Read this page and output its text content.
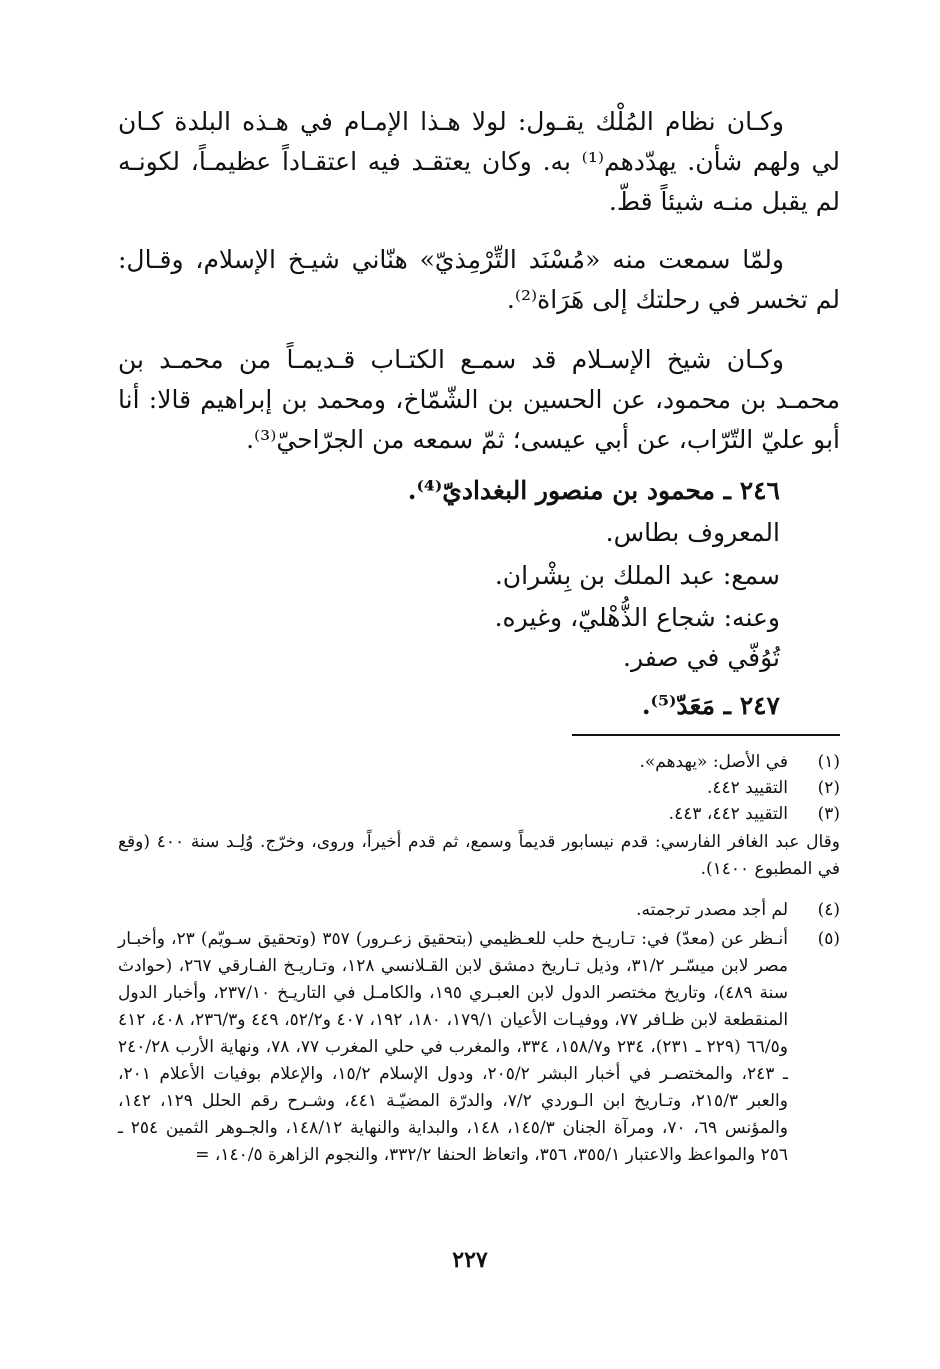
وكـان نظام المُلْك يقـول: لولا هـذا الإمـام في هـذه البلدة كـان لي ولهم شأن. يهدّدهم⁽¹⁾ به. وكان يعتقـد فيه اعتقـاداً عظيمـاً، لكونـه لم يقبل منـه شيئاً قطّ.

ولمّا سمعت منه «مُسْنَد التِّرْمِذيّ» هنّاني شيـخ الإسلام، وقـال: لم تخسر في رحلتك إلى هَرَاة⁽²⁾.

وكـان شيخ الإسـلام قد سمـع الكتـاب قـديمـاً من محمـد بن محمـد بن محمود، عن الحسين بن الشّمّاخ، ومحمد بن إبراهيم قالا: أنا أبو عليّ التّرّاب، عن أبي عيسى؛ ثمّ سمعه من الجرّاحيّ⁽³⁾.

٢٤٦ ـ محمود بن منصور البغداديّ⁽⁴⁾.
المعروف بطاس.
سمع: عبد الملك بن بِشْران.
وعنه: شجاع الذُّهْليّ، وغيره.
تُوُفّي في صفر.
٢٤٧ ـ مَعَدّ⁽⁵⁾.
(١)
في الأصل: «يهدهم».
(٢)
التقييد ٤٤٢.
(٣)
التقييد ٤٤٢، ٤٤٣.
وقال عبد الغافر الفارسي: قدم نيسابور قديماً وسمع، ثم قدم أخيراً، وروى، وخرّج. وُلِـد سنة ٤٠٠ (وقع في المطبوع ١٤٠٠).
(٤)
لم أجد مصدر ترجمته.
(٥)
أنـظر عن (معدّ) في: تـاريـخ حلب للعـظيمي (بتحقيق زعـرور) ٣٥٧ (وتحقيق سـويّم) ٢٣، وأخبـار مصر لابن ميسّـر ٣١/٢، وذيل تـاريخ دمشق لابن القـلانسي ١٢٨، وتـاريـخ الفـارقي ٢٦٧، (حوادث سنة ٤٨٩)، وتاريخ مختصر الدول لابن العبـري ١٩٥، والكامـل في التاريـخ ٢٣٧/١٠، وأخبار الدول المنقطعة لابن ظـافر ٧٧، ووفيـات الأعيان ١٧٩/١، ١٨٠، ١٩٢، ٤٠٧ و٥٢/٢، ٤٤٩ و٢٣٦/٣، ٤٠٨، ٤١٢ و٦٦/٥ (٢٢٩ ـ ٢٣١)، ٢٣٤ و١٥٨/٧، ٣٣٤، والمغرب في حلي المغرب ٧٧، ٧٨، ونهاية الأرب ٢٤٠/٢٨ ـ ٢٤٣، والمختصـر في أخبار البشر ٢٠٥/٢، ودول الإسلام ١٥/٢، والإعلام بوفيات الأعلام ٢٠١، والعبر ٢١٥/٣، وتـاريخ ابن الـوردي ٧/٢، والدرّة المضيّـة ٤٤١، وشـرح رقم الحلل ١٢٩، ١٤٢، والمؤنس ٦٩، ٧٠، ومرآة الجنان ١٤٥/٣، ١٤٨، والبداية والنهاية ١٤٨/١٢، والجـوهر الثمين ٢٥٤ ـ ٢٥٦ والمواعظ والاعتبار ٣٥٥/١، ٣٥٦، واتعاظ الحنفا ٣٣٢/٢، والنجوم الزاهرة ١٤٠/٥، =
٢٢٧
